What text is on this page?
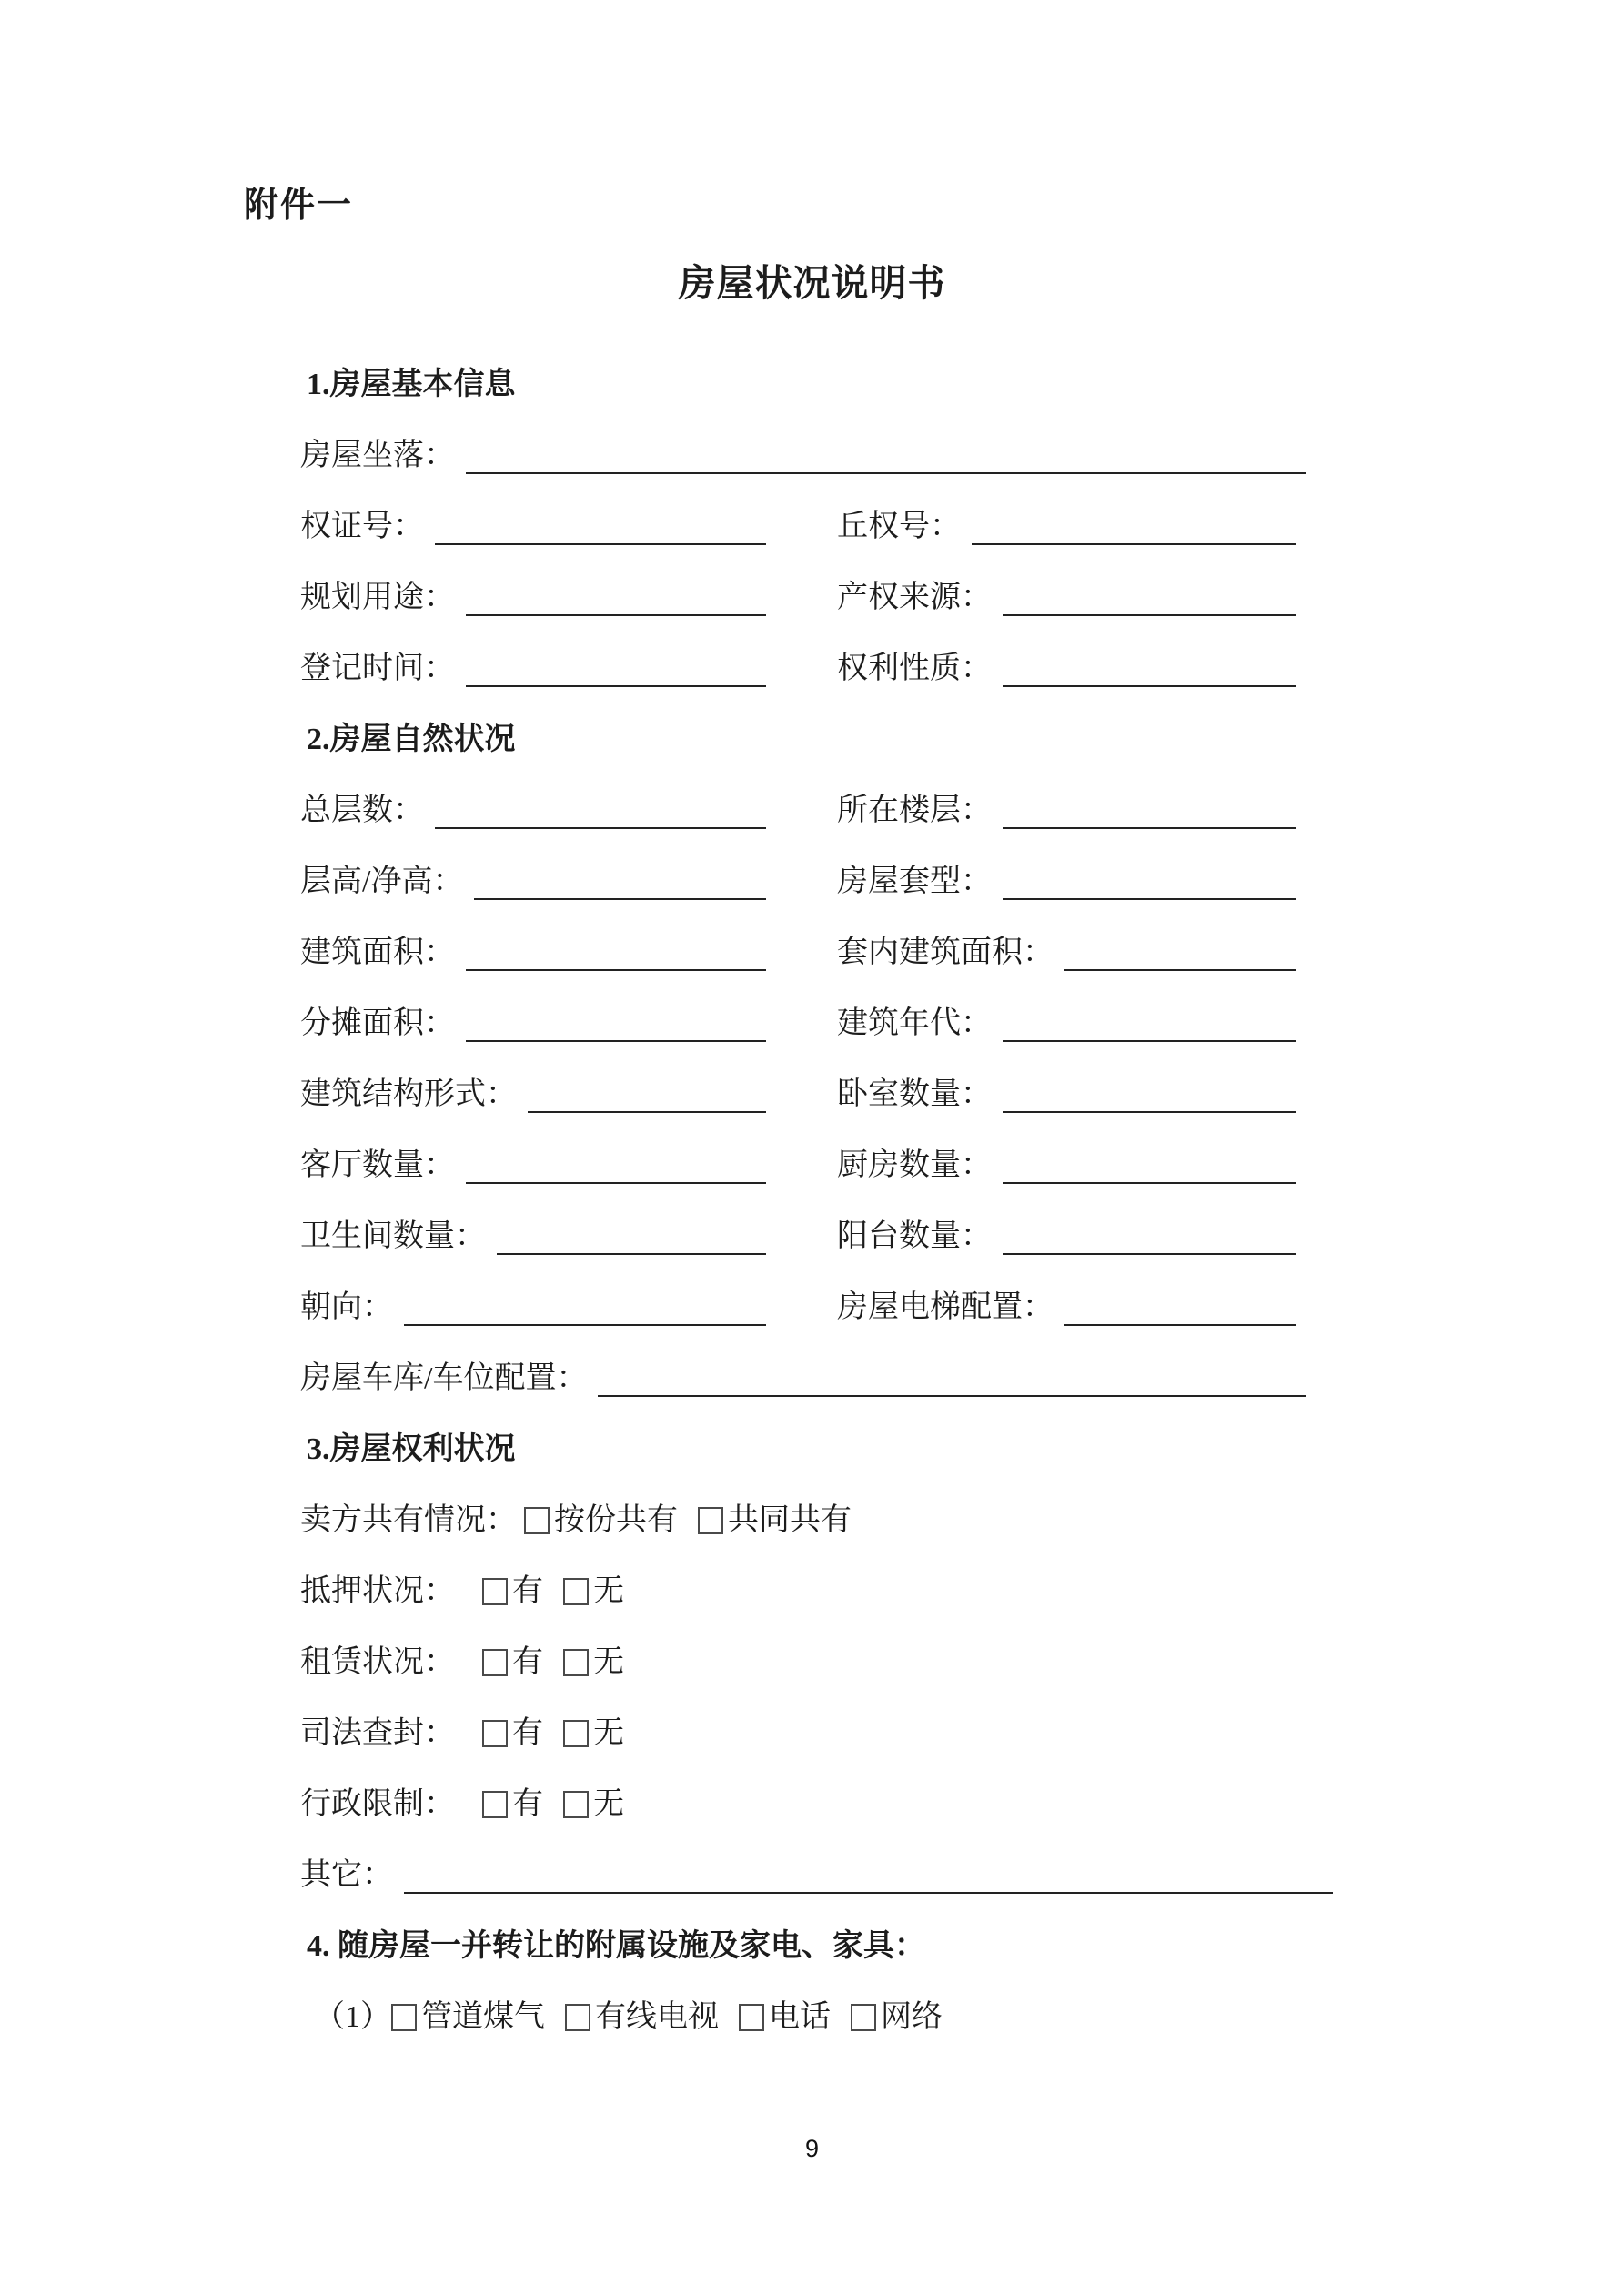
附件一
房屋状况说明书
1.房屋基本信息
房屋坐落：
权证号：	丘权号：
规划用途：	产权来源：
登记时间：	权利性质：
2.房屋自然状况
总层数：	所在楼层：
层高/净高：	房屋套型：
建筑面积：	套内建筑面积：
分摊面积：	建筑年代：
建筑结构形式：	卧室数量：
客厅数量：	厨房数量：
卫生间数量：	阳台数量：
朝向：	房屋电梯配置：
房屋车库/车位配置：
3.房屋权利状况
卖方共有情况： 按份共有 共同共有
抵押状况： 有 无
租赁状况： 有 无
司法查封： 有 无
行政限制： 有 无
其它：
4. 随房屋一并转让的附属设施及家电、家具：
（1） 管道煤气 有线电视 电话 网络
9
